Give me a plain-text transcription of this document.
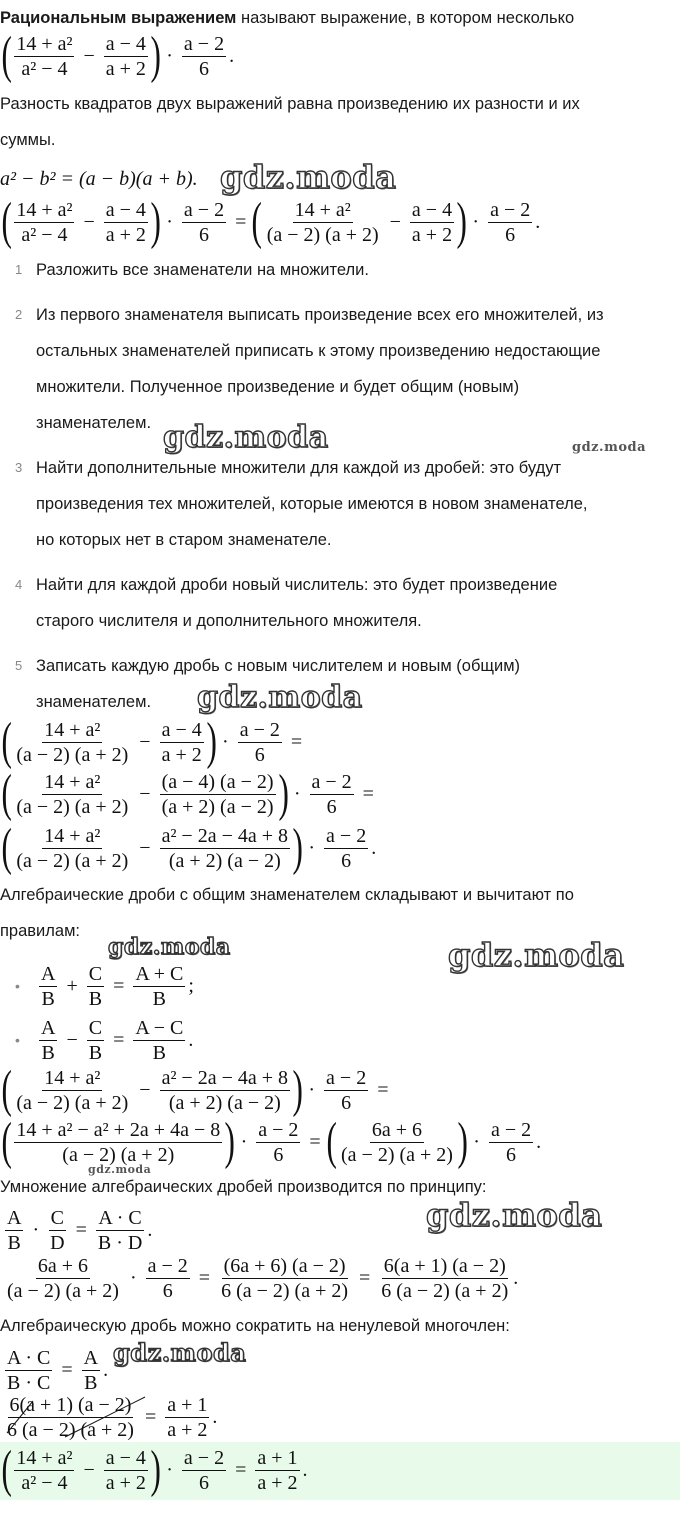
Рациональным выражением называют выражение, в котором несколько
( $\frac{\text{14 + a²}}{\text{a² − 4}} - \frac{a - 4}{a + 2}$ ) · $\frac{a - 2}{6}$ .
Разность квадратов двух выражений равна произведению их разности и их
суммы.
a² − b² = (a − b)(a + b). gdz.moda
( $\frac{\text{14 + a²}}{\text{a² − 4}} - \frac{a - 4}{a + 2}$ ) · $\frac{a - 2}{6}$ = ( $\frac{\text{14 + a²}}{(a - 2) (a + 2)} - \frac{a - 4}{a + 2}$ ) · $\frac{a - 2}{6}$ .
1 Разложить все знаменатели на множители.
2 Из первого знаменателя выписать произведение всех его множителей, из
остальных знаменателей приписать к этому произведению недостающие
множители. Полученное произведение и будет общим (новым)
знаменателем. gdz.moda	gdz.moda
3 Найти дополнительные множители для каждой из дробей: это будут
произведения тех множителей, которые имеются в новом знаменателе,
но которых нет в старом знаменателе.
4 Найти для каждой дроби новый числитель: это будет произведение
старого числителя и дополнительного множителя.
5 Записать каждую дробь с новым числителем и новым (общим)
знаменателем. gdz.moda
( $\frac{\text{14 + a²}}{(a - 2) (a + 2)} - \frac{a - 4}{a + 2}$ ) · $\frac{a - 2}{6}$ =
( $\frac{\text{14 + a²}}{(a - 2) (a + 2)} - \frac{(a - 4) (a - 2)}{(a + 2) (a - 2)}$ ) · $\frac{a - 2}{6}$ =
( $\frac{\text{14 + a²}}{(a - 2) (a + 2)} - \frac{\text{a² − 2a − 4a + 8}}{(a + 2) (a - 2)}$ ) · $\frac{a - 2}{6}$ .
Алгебраические дроби с общим знаменателем складывают и вычитают по
правилам:
gdz.moda	gdz.moda
• $\frac{A}{B} + \frac{C}{B} = \frac{A + C}{B}$ ;
• $\frac{A}{B} - \frac{C}{B} = \frac{A - C}{B}$ .
( $\frac{\text{14 + a²}}{(a - 2) (a + 2)} - \frac{\text{a² − 2a − 4a + 8}}{(a + 2) (a - 2)}$ ) · $\frac{a - 2}{6}$ =
( $\frac{\text{14 + a² − a² + 2a + 4a − 8}}{(a - 2) (a + 2)}$ ) · $\frac{a - 2}{6}$ = ( $\frac{6a + 6}{(a - 2) (a + 2)}$ ) · $\frac{a - 2}{6}$ .
gdz.moda
Умножение алгебраических дробей производится по принципу:
$\frac{A}{B} \cdot \frac{C}{D} = \frac{A \cdot C}{B \cdot D}$ .	gdz.moda
$\frac{6a + 6}{(a - 2) (a + 2)} \cdot \frac{a - 2}{6} = \frac{(6a + 6) (a - 2)}{6 (a - 2) (a + 2)} = \frac{6(a + 1) (a - 2)}{6 (a - 2) (a + 2)}$ .
Алгебраическую дробь можно сократить на ненулевой многочлен:
$\frac{A \cdot C}{B \cdot C} = \frac{A}{B}$ .
gdz.moda
$\frac{6(a + 1) (a - 2)}{6 (a - 2) (a + 2)} = \frac{a + 1}{a + 2}$ .
( $\frac{\text{14 + a²}}{\text{a² − 4}} - \frac{a - 4}{a + 2}$ ) · $\frac{a - 2}{6} = \frac{a + 1}{a + 2}$ .
